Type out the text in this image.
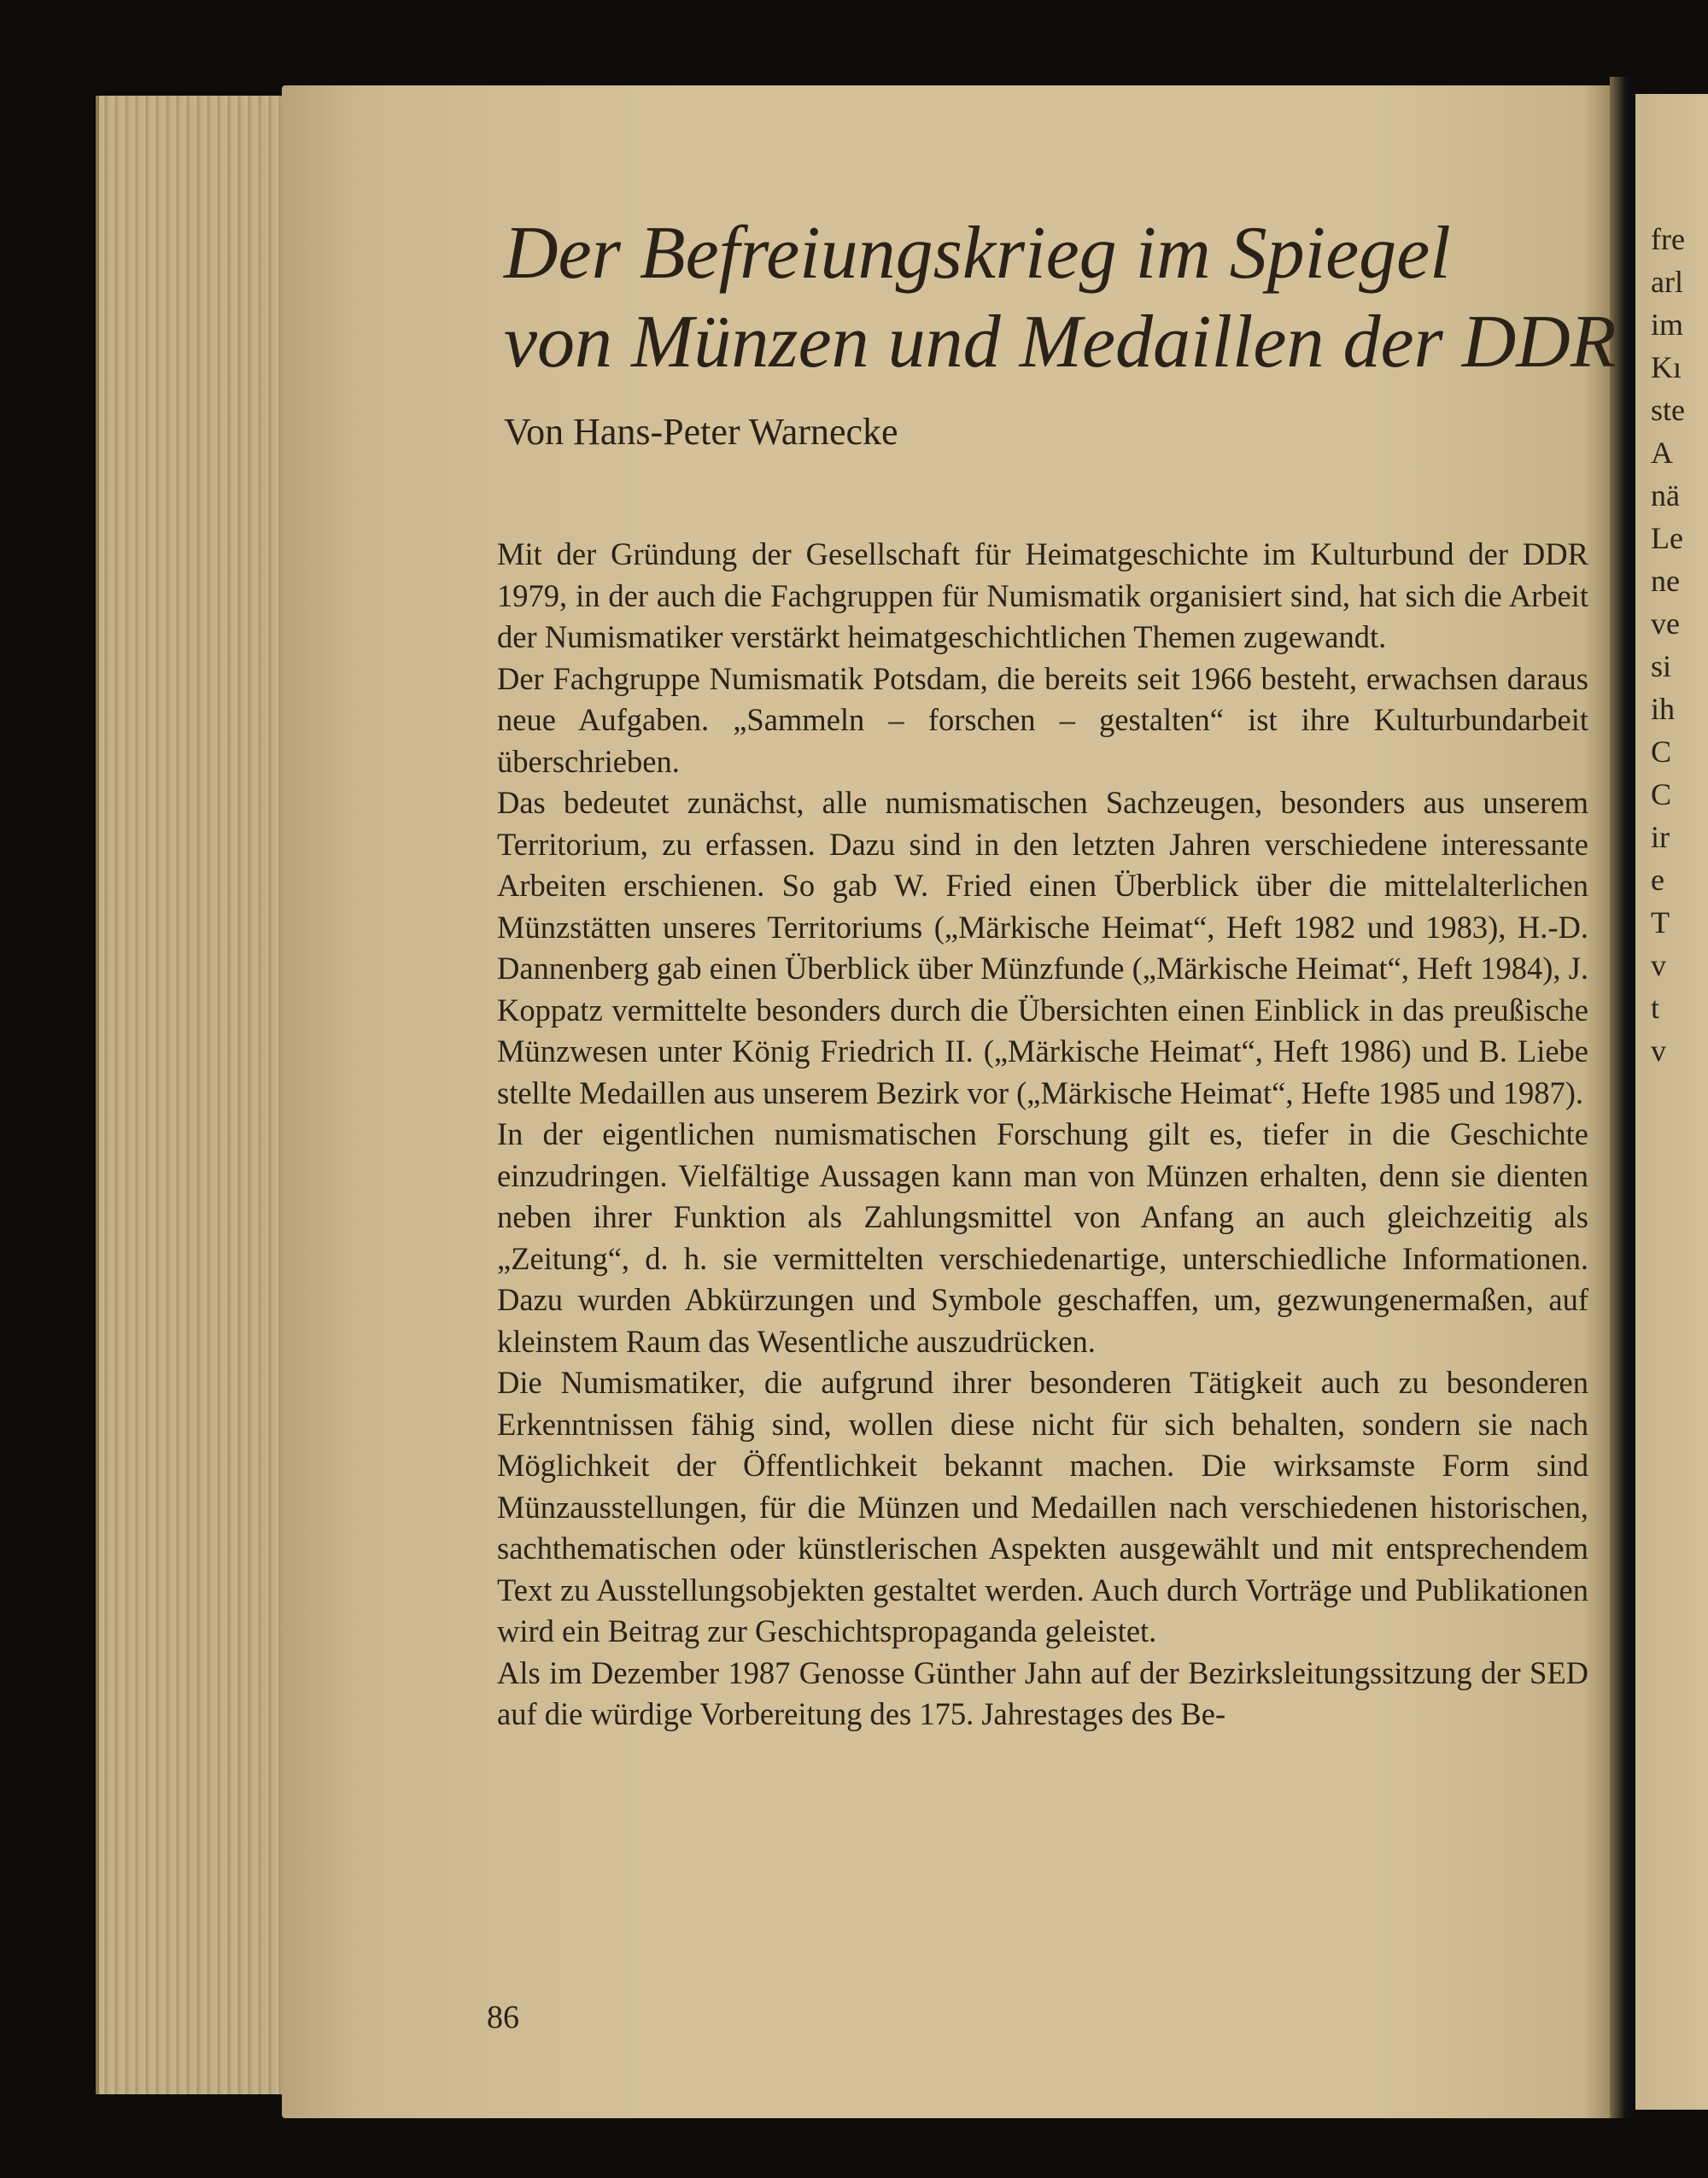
fre
arl
im
Kı
ste
A
nä
Le
ne
ve
si
ih
C
C
ir
e
T
v
t
v
Der Befreiungskrieg im Spiegel
von Münzen und Medaillen der DDR
Von Hans-Peter Warnecke

Mit der Gründung der Gesellschaft für Heimatgeschichte im Kulturbund der DDR 1979, in der auch die Fachgruppen für Numismatik organisiert sind, hat sich die Arbeit der Numismatiker verstärkt heimatgeschichtlichen Themen zugewandt.

Der Fachgruppe Numismatik Potsdam, die bereits seit 1966 besteht, erwachsen daraus neue Aufgaben. „Sammeln – forschen – gestalten“ ist ihre Kulturbundarbeit überschrieben.

Das bedeutet zunächst, alle numismatischen Sachzeugen, besonders aus unserem Territorium, zu erfassen. Dazu sind in den letzten Jahren verschiedene interessante Arbeiten erschienen. So gab W. Fried einen Überblick über die mittelalterlichen Münzstätten unseres Territoriums („Märkische Heimat“, Heft 1982 und 1983), H.-D. Dannenberg gab einen Überblick über Münzfunde („Märkische Heimat“, Heft 1984), J. Koppatz vermittelte besonders durch die Übersichten einen Einblick in das preußische Münzwesen unter König Friedrich II. („Märkische Heimat“, Heft 1986) und B. Liebe stellte Medaillen aus unserem Bezirk vor („Märkische Heimat“, Hefte 1985 und 1987).

In der eigentlichen numismatischen Forschung gilt es, tiefer in die Geschichte einzudringen. Vielfältige Aussagen kann man von Münzen erhalten, denn sie dienten neben ihrer Funktion als Zahlungsmittel von Anfang an auch gleichzeitig als „Zeitung“, d. h. sie vermittelten verschiedenartige, unterschiedliche Informationen. Dazu wurden Abkürzungen und Symbole geschaffen, um, gezwungenermaßen, auf kleinstem Raum das Wesentliche auszudrücken.

Die Numismatiker, die aufgrund ihrer besonderen Tätigkeit auch zu besonderen Erkenntnissen fähig sind, wollen diese nicht für sich behalten, sondern sie nach Möglichkeit der Öffentlichkeit bekannt machen. Die wirksamste Form sind Münzausstellungen, für die Münzen und Medaillen nach verschiedenen historischen, sachthematischen oder künstlerischen Aspekten ausgewählt und mit entsprechendem Text zu Ausstellungsobjekten gestaltet werden. Auch durch Vorträge und Publikationen wird ein Beitrag zur Geschichtspropaganda geleistet.

Als im Dezember 1987 Genosse Günther Jahn auf der Bezirksleitungssitzung der SED auf die würdige Vorbereitung des 175. Jahrestages des Be-

86
